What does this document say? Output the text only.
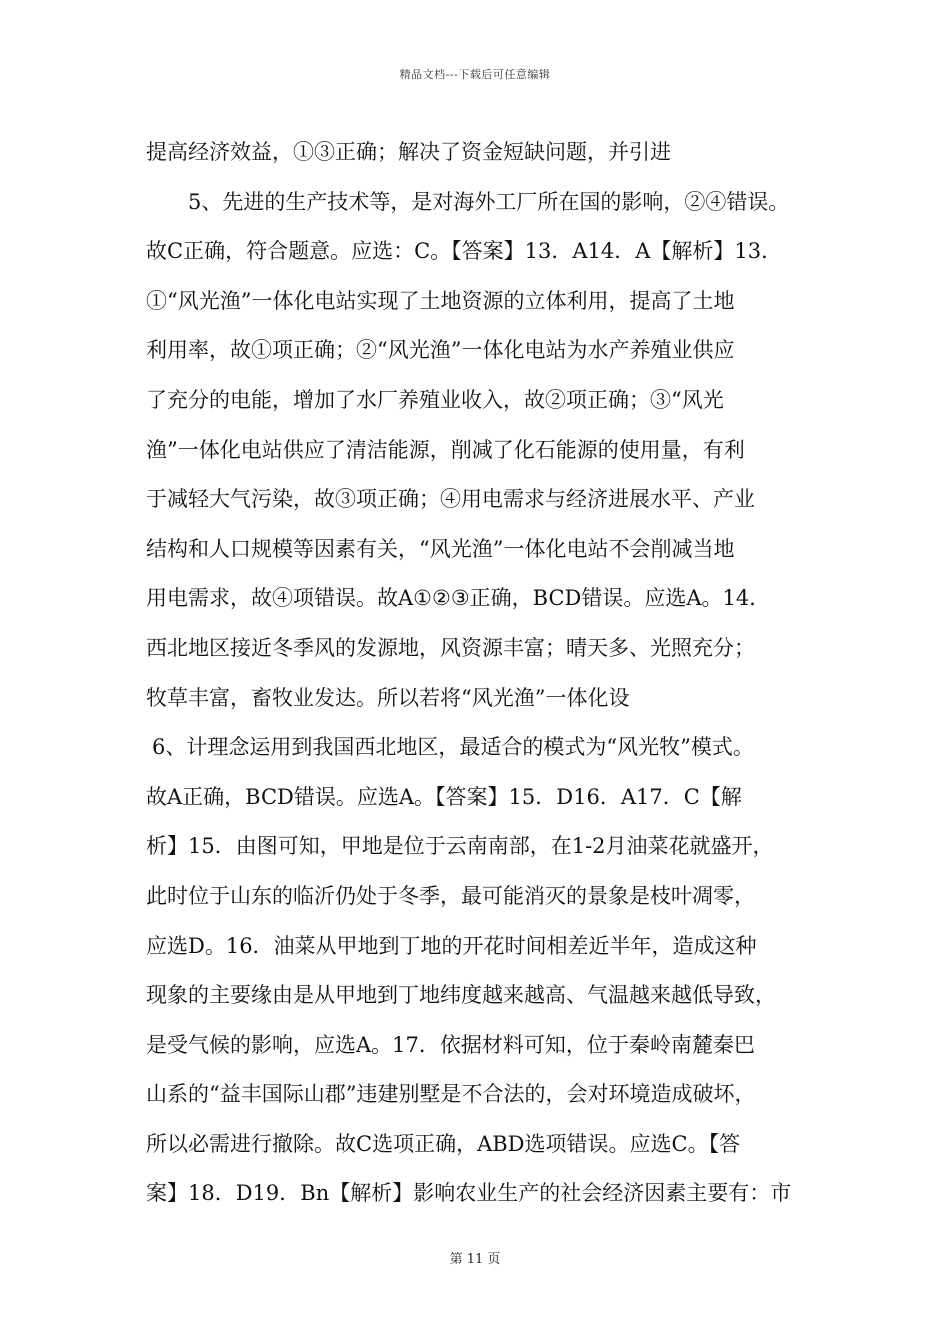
精品文档---下载后可任意编辑
提高经济效益，①③正确；解决了资金短缺问题，并引进
5、先进的生产技术等，是对海外工厂所在国的影响，②④错误。
故C正确，符合题意。应选：C。【答案】13．A14．A【解析】13．
①“风光渔”一体化电站实现了土地资源的立体利用，提高了土地
利用率，故①项正确；②“风光渔”一体化电站为水产养殖业供应
了充分的电能，增加了水厂养殖业收入，故②项正确；③“风光
渔”一体化电站供应了清洁能源，削减了化石能源的使用量，有利
于减轻大气污染，故③项正确；④用电需求与经济进展水平、产业
结构和人口规模等因素有关，“风光渔”一体化电站不会削减当地
用电需求，故④项错误。故A①②③正确，BCD错误。应选A。14．
西北地区接近冬季风的发源地，风资源丰富；晴天多、光照充分；
牧草丰富，畜牧业发达。所以若将“风光渔”一体化设
6、计理念运用到我国西北地区，最适合的模式为“风光牧”模式。
故A正确，BCD错误。应选A。【答案】15．D16．A17．C【解
析】15．由图可知，甲地是位于云南南部，在1-2月油菜花就盛开，
此时位于山东的临沂仍处于冬季，最可能消灭的景象是枝叶凋零，
应选D。16．油菜从甲地到丁地的开花时间相差近半年，造成这种
现象的主要缘由是从甲地到丁地纬度越来越高、气温越来越低导致，
是受气候的影响，应选A。17．依据材料可知，位于秦岭南麓秦巴
山系的“益丰国际山郡”违建别墅是不合法的，会对环境造成破坏，
所以必需进行撤除。故C选项正确，ABD选项错误。应选C。【答
案】18．D19．Bn【解析】影响农业生产的社会经济因素主要有：市
第 11 页
